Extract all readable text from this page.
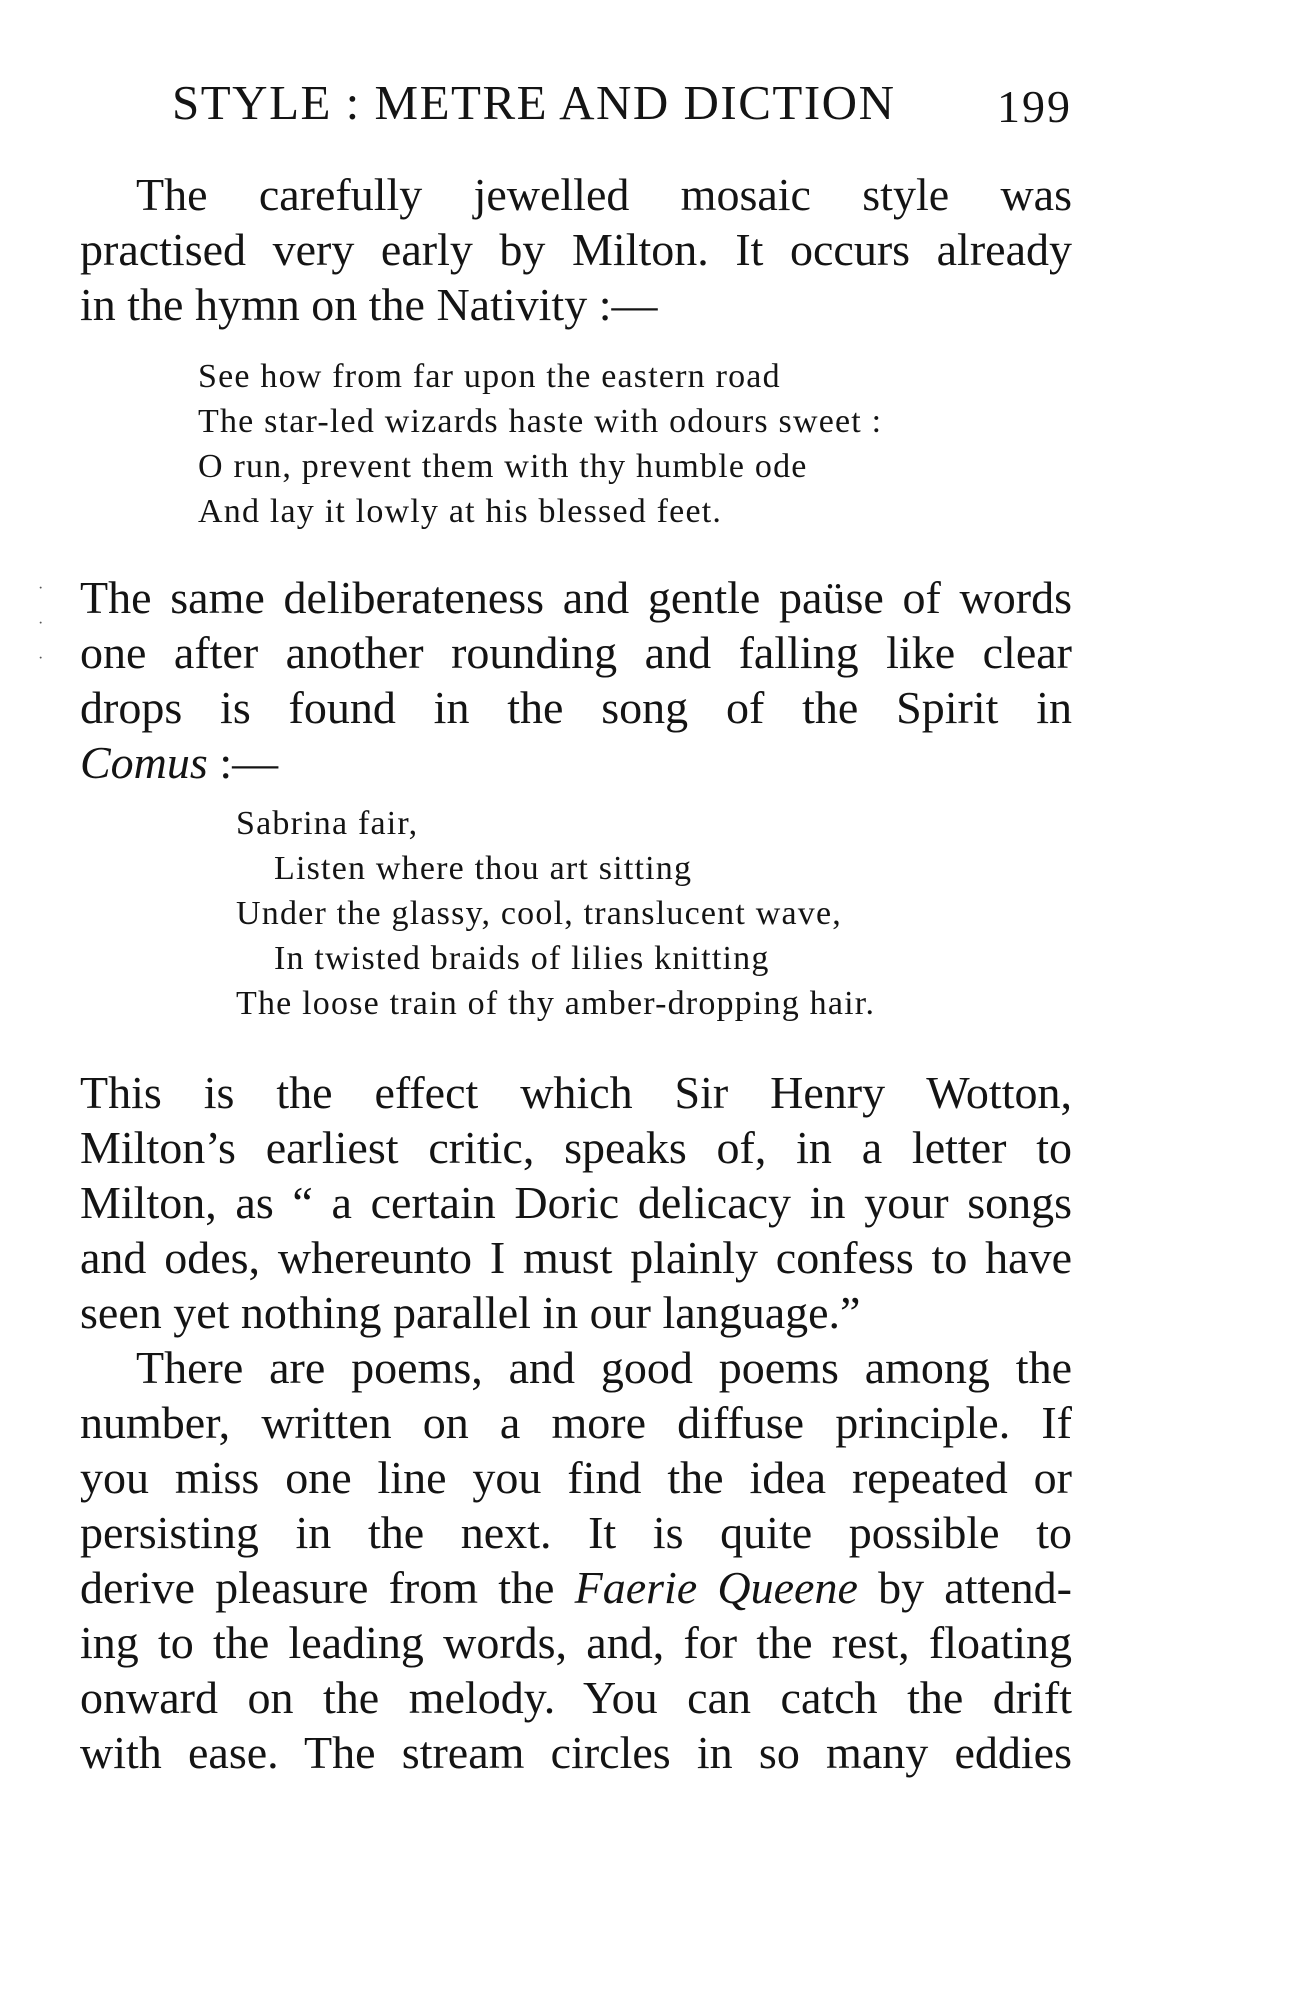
STYLE : METRE AND DICTION 199
The carefully jewelled mosaic style was
practised very early by Milton. It occurs already
in the hymn on the Nativity :—
See how from far upon the eastern road
The star-led wizards haste with odours sweet :
O run, prevent them with thy humble ode
And lay it lowly at his blessed feet.
·
·
·
The same deliberateness and gentle paüse of words
one after another rounding and falling like clear
drops is found in the song of the Spirit in
Comus :—
Sabrina fair,
Listen where thou art sitting
Under the glassy, cool, translucent wave,
In twisted braids of lilies knitting
The loose train of thy amber-dropping hair.
This is the effect which Sir Henry Wotton,
Milton’s earliest critic, speaks of, in a letter to
Milton, as “ a certain Doric delicacy in your songs
and odes, whereunto I must plainly confess to have
seen yet nothing parallel in our language.”
There are poems, and good poems among the
number, written on a more diffuse principle. If
you miss one line you find the idea repeated or
persisting in the next. It is quite possible to
derive pleasure from the Faerie Queene by attend-
ing to the leading words, and, for the rest, floating
onward on the melody. You can catch the drift
with ease. The stream circles in so many eddies
